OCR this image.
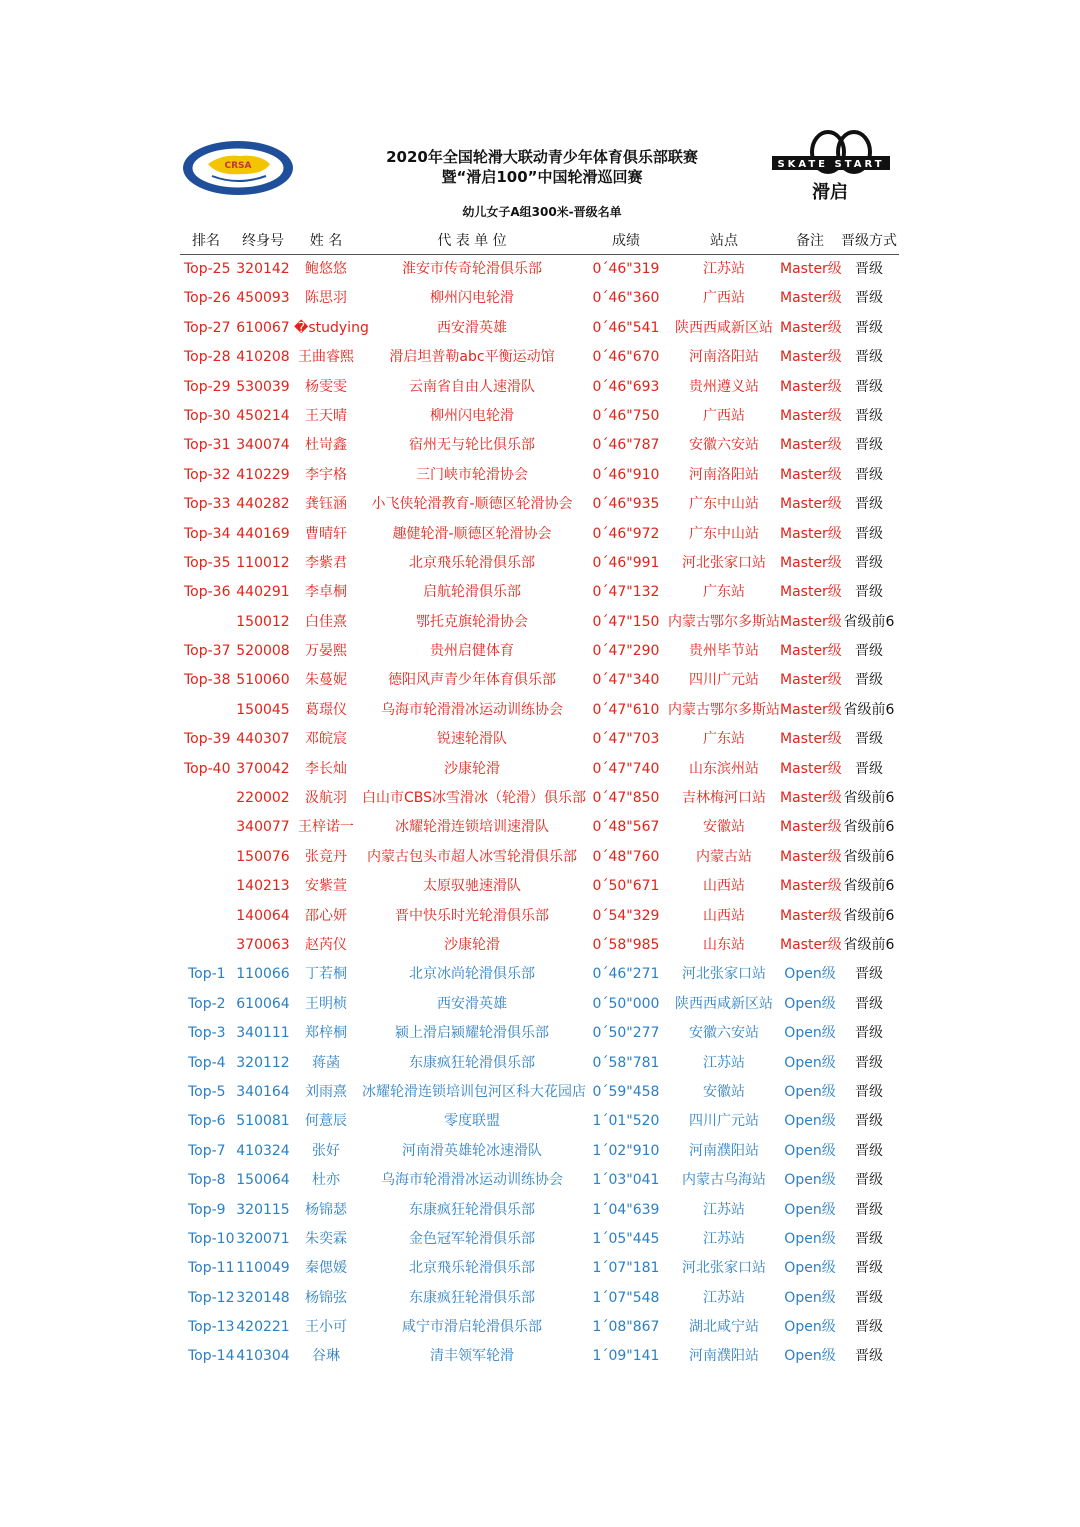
CRSA	SKATE START
滑启
2020年全国轮滑大联动青少年体育俱乐部联赛
暨“滑启100”中国轮滑巡回赛
幼儿女子A组300米-晋级名单
排名	终身号	姓 名	代 表 单 位	成绩	站点	备注	晋级方式
Top-25 320142	鲍悠悠	淮安市传奇轮滑俱乐部	0´46"319	江苏站	Master级 晋级
Top-26 450093	陈思羽	柳州闪电轮滑	0´46"360	广西站	Master级 晋级
Top-27 610067 �studying	西安滑英雄	0´46"541	陕西西咸新区站 Master级 晋级
Top-28 410208 王曲睿熙	滑启坦普勒abc平衡运动馆	0´46"670	河南洛阳站	Master级 晋级
Top-29 530039	杨雯雯	云南省自由人速滑队	0´46"693	贵州遵义站	Master级 晋级
Top-30 450214	王天晴	柳州闪电轮滑	0´46"750	广西站	Master级 晋级
Top-31 340074	杜岢鑫	宿州无与轮比俱乐部	0´46"787	安徽六安站	Master级 晋级
Top-32 410229	李宇格	三门峡市轮滑协会	0´46"910	河南洛阳站	Master级 晋级
Top-33 440282	龚钰涵	小飞侠轮滑教育-顺德区轮滑协会	0´46"935	广东中山站	Master级 晋级
Top-34 440169	曹晴轩	趣健轮滑-顺德区轮滑协会	0´46"972	广东中山站	Master级 晋级
Top-35 110012	李紫君	北京飛乐轮滑俱乐部	0´46"991	河北张家口站	Master级 晋级
Top-36 440291	李卓桐	启航轮滑俱乐部	0´47"132	广东站	Master级 晋级
150012	白佳熹	鄂托克旗轮滑协会	0´47"150 内蒙古鄂尔多斯站 Master级 省级前6
Top-37 520008	万晏熙	贵州启健体育	0´47"290	贵州毕节站	Master级 晋级
Top-38 510060	朱蔓妮	德阳风声青少年体育俱乐部	0´47"340	四川广元站	Master级 晋级
150045	葛璟仪	乌海市轮滑滑冰运动训练协会	0´47"610 内蒙古鄂尔多斯站 Master级 省级前6
Top-39 440307	邓皖宸	锐速轮滑队	0´47"703	广东站	Master级 晋级
Top-40 370042	李长灿	沙康轮滑	0´47"740	山东滨州站	Master级 晋级
220002	汲航羽	白山市CBS冰雪滑冰（轮滑）俱乐部 0´47"850	吉林梅河口站	Master级 省级前6
340077 王梓诺一	冰耀轮滑连锁培训速滑队	0´48"567	安徽站	Master级 省级前6
150076	张竞丹	内蒙古包头市超人冰雪轮滑俱乐部	0´48"760	内蒙古站	Master级 省级前6
140213	安紫萱	太原驭驰速滑队	0´50"671	山西站	Master级 省级前6
140064	邵心妍	晋中快乐时光轮滑俱乐部	0´54"329	山西站	Master级 省级前6
370063	赵芮仪	沙康轮滑	0´58"985	山东站	Master级 省级前6
Top-1 110066	丁若桐	北京冰尚轮滑俱乐部	0´46"271	河北张家口站	Open级	晋级
Top-2 610064	王明桢	西安滑英雄	0´50"000	陕西西咸新区站 Open级	晋级
Top-3 340111	郑梓桐	颍上滑启颍耀轮滑俱乐部	0´50"277	安徽六安站	Open级	晋级
Top-4 320112	蒋菡	东康疯狂轮滑俱乐部	0´58"781	江苏站	Open级	晋级
Top-5 340164	刘雨熹	冰耀轮滑连锁培训包河区科大花园店 0´59"458	安徽站	Open级	晋级
Top-6 510081	何薏辰	零度联盟	1´01"520	四川广元站	Open级	晋级
Top-7 410324	张好	河南滑英雄轮冰速滑队	1´02"910	河南濮阳站	Open级	晋级
Top-8 150064	杜亦	乌海市轮滑滑冰运动训练协会	1´03"041	内蒙古乌海站	Open级	晋级
Top-9 320115	杨锦瑟	东康疯狂轮滑俱乐部	1´04"639	江苏站	Open级	晋级
Top-10 320071	朱奕霖	金色冠军轮滑俱乐部	1´05"445	江苏站	Open级	晋级
Top-11 110049	秦偲媛	北京飛乐轮滑俱乐部	1´07"181	河北张家口站	Open级	晋级
Top-12 320148	杨锦弦	东康疯狂轮滑俱乐部	1´07"548	江苏站	Open级	晋级
Top-13 420221	王小可	咸宁市滑启轮滑俱乐部	1´08"867	湖北咸宁站	Open级	晋级
Top-14 410304	谷琳	清丰领军轮滑	1´09"141	河南濮阳站	Open级	晋级
